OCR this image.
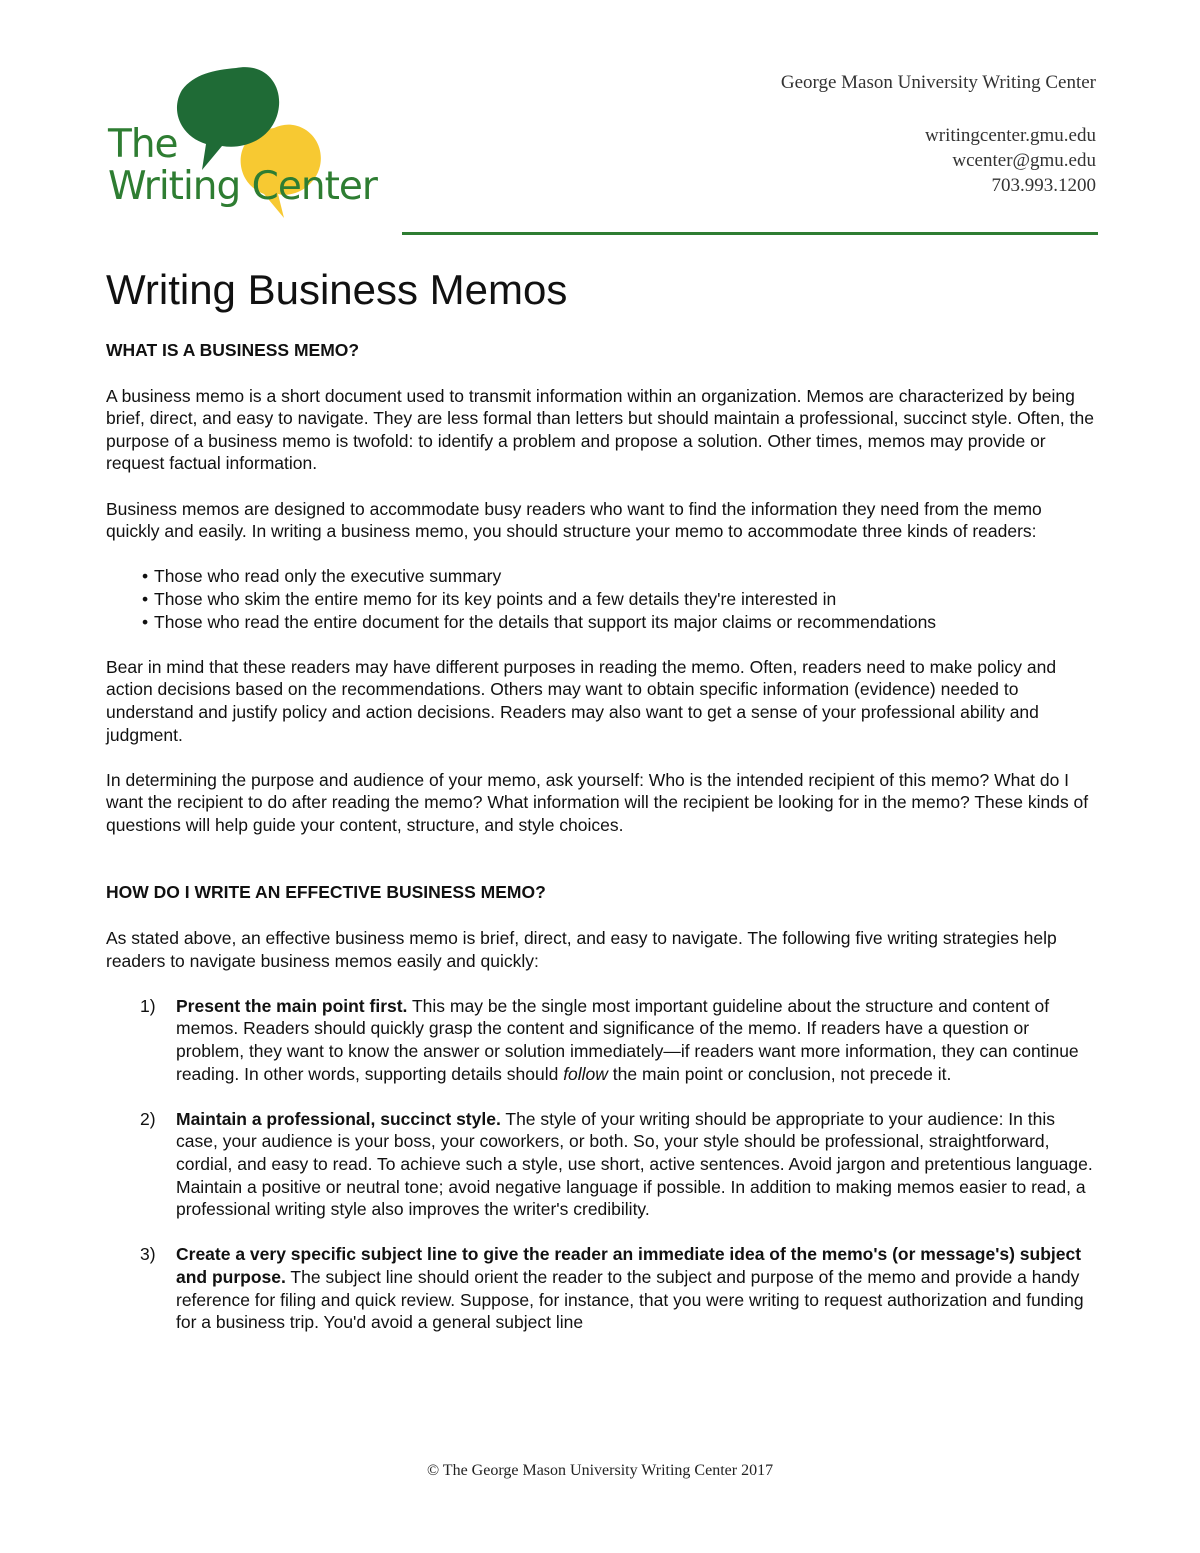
The
Writing Center
George Mason University Writing Center
writingcenter.gmu.edu
wcenter@gmu.edu
703.993.1200
Writing Business Memos
WHAT IS A BUSINESS MEMO?

A business memo is a short document used to transmit information within an organization. Memos are characterized by being brief, direct, and easy to navigate. They are less formal than letters but should maintain a professional, succinct style. Often, the purpose of a business memo is twofold: to identify a problem and propose a solution. Other times, memos may provide or request factual information.

Business memos are designed to accommodate busy readers who want to find the information they need from the memo quickly and easily. In writing a business memo, you should structure your memo to accommodate three kinds of readers:

• Those who read only the executive summary
• Those who skim the entire memo for its key points and a few details they're interested in
• Those who read the entire document for the details that support its major claims or recommendations

Bear in mind that these readers may have different purposes in reading the memo. Often, readers need to make policy and action decisions based on the recommendations. Others may want to obtain specific information (evidence) needed to understand and justify policy and action decisions. Readers may also want to get a sense of your professional ability and judgment.

In determining the purpose and audience of your memo, ask yourself: Who is the intended recipient of this memo? What do I want the recipient to do after reading the memo? What information will the recipient be looking for in the memo? These kinds of questions will help guide your content, structure, and style choices.

HOW DO I WRITE AN EFFECTIVE BUSINESS MEMO?

As stated above, an effective business memo is brief, direct, and easy to navigate. The following five writing strategies help readers to navigate business memos easily and quickly:

1) Present the main point first. This may be the single most important guideline about the structure and content of memos. Readers should quickly grasp the content and significance of the memo. If readers have a question or problem, they want to know the answer or solution immediately—if readers want more information, they can continue reading. In other words, supporting details should follow the main point or conclusion, not precede it.
2) Maintain a professional, succinct style. The style of your writing should be appropriate to your audience: In this case, your audience is your boss, your coworkers, or both. So, your style should be professional, straightforward, cordial, and easy to read. To achieve such a style, use short, active sentences. Avoid jargon and pretentious language. Maintain a positive or neutral tone; avoid negative language if possible. In addition to making memos easier to read, a professional writing style also improves the writer's credibility.
3) Create a very specific subject line to give the reader an immediate idea of the memo's (or message's) subject and purpose. The subject line should orient the reader to the subject and purpose of the memo and provide a handy reference for filing and quick review. Suppose, for instance, that you were writing to request authorization and funding for a business trip. You'd avoid a general subject line
© The George Mason University Writing Center 2017
